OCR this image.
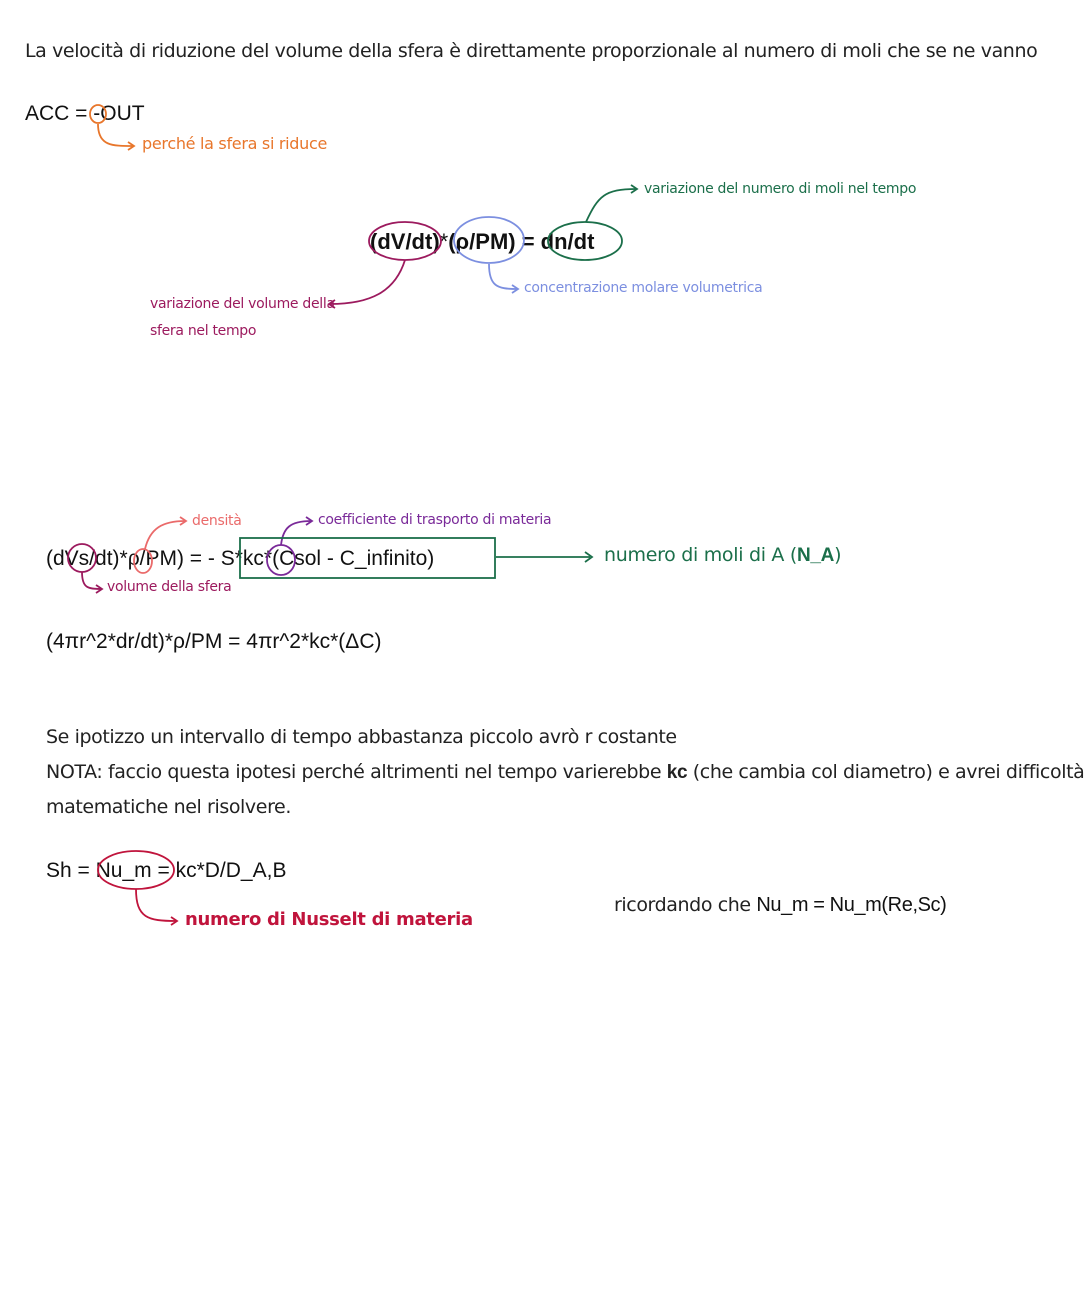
La velocità di riduzione del volume della sfera è direttamente proporzionale al numero di moli che se ne vanno
ACC = -OUT
perché la sfera si riduce
(dV/dt)*(ρ/PM) = dn/dt
variazione del numero di moli nel tempo
concentrazione molare volumetrica
variazione del volume della
sfera nel tempo
(dVs/dt)*ρ/PM) = - S*kc*(Csol - C_infinito)
densità	coefficiente di trasporto di materia
volume della sfera
numero di moli di A (N_A)
(4πr^2*dr/dt)*ρ/PM = 4πr^2*kc*(ΔC)
Se ipotizzo un intervallo di tempo abbastanza piccolo avrò r costante
NOTA: faccio questa ipotesi perché altrimenti nel tempo varierebbe kc (che cambia col diametro) e avrei difficoltà
matematiche nel risolvere.
Sh = Nu_m = kc*D/D_A,B
numero di Nusselt di materia
ricordando che Nu_m = Nu_m(Re,Sc)
